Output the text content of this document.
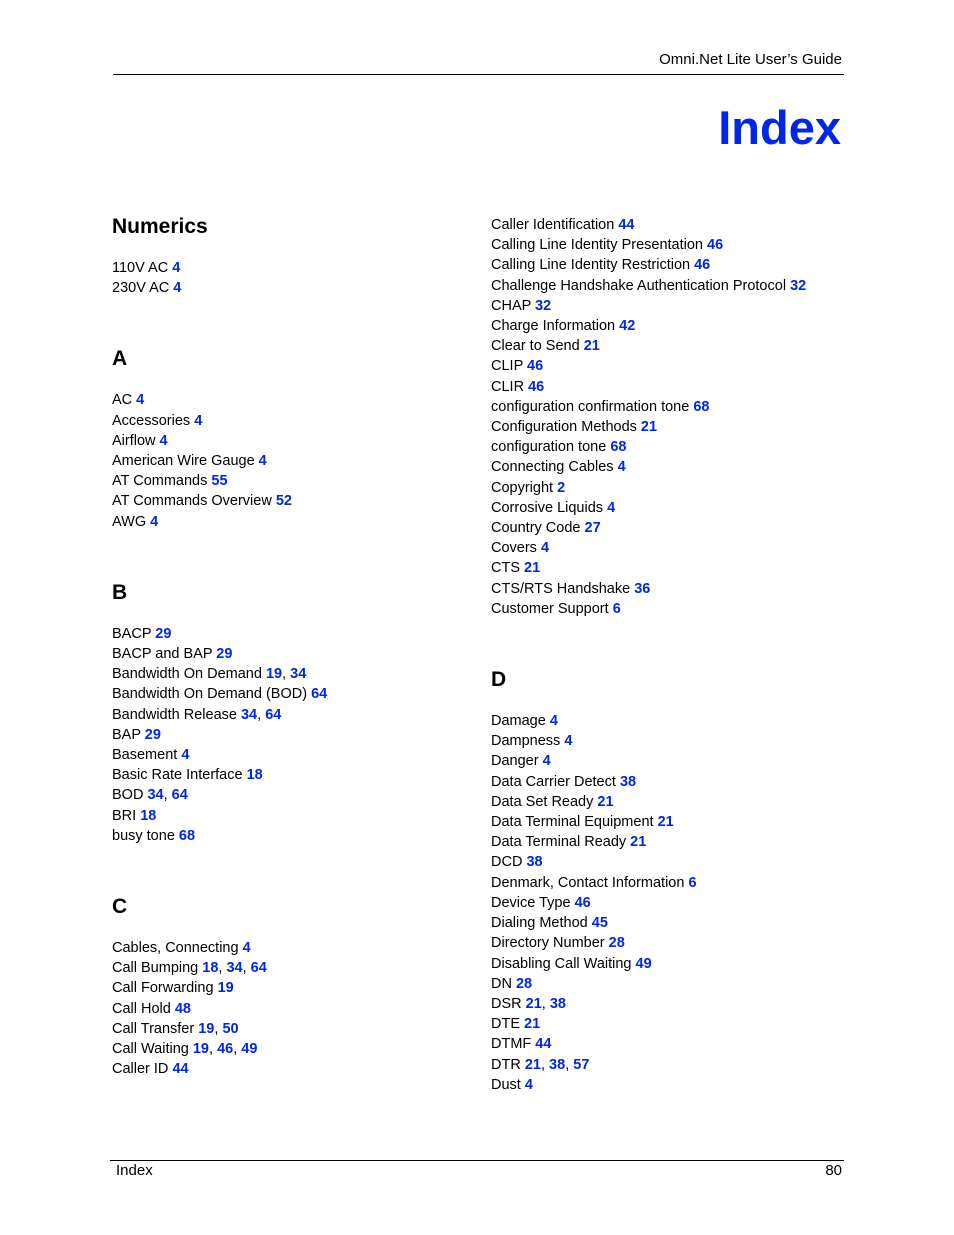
Omni.Net Lite User’s Guide
Index
Numerics
110V AC 4
230V AC 4
A
AC 4
Accessories 4
Airflow 4
American Wire Gauge 4
AT Commands 55
AT Commands Overview 52
AWG 4
B
BACP 29
BACP and BAP 29
Bandwidth On Demand 19, 34
Bandwidth On Demand (BOD) 64
Bandwidth Release 34, 64
BAP 29
Basement 4
Basic Rate Interface 18
BOD 34, 64
BRI 18
busy tone 68
C
Cables, Connecting 4
Call Bumping 18, 34, 64
Call Forwarding 19
Call Hold 48
Call Transfer 19, 50
Call Waiting 19, 46, 49
Caller ID 44
Caller Identification 44
Calling Line Identity Presentation 46
Calling Line Identity Restriction 46
Challenge Handshake Authentication Protocol 32
CHAP 32
Charge Information 42
Clear to Send 21
CLIP 46
CLIR 46
configuration confirmation tone 68
Configuration Methods 21
configuration tone 68
Connecting Cables 4
Copyright 2
Corrosive Liquids 4
Country Code 27
Covers 4
CTS 21
CTS/RTS Handshake 36
Customer Support 6
D
Damage 4
Dampness 4
Danger 4
Data Carrier Detect 38
Data Set Ready 21
Data Terminal Equipment 21
Data Terminal Ready 21
DCD 38
Denmark, Contact Information 6
Device Type 46
Dialing Method 45
Directory Number 28
Disabling Call Waiting 49
DN 28
DSR 21, 38
DTE 21
DTMF 44
DTR 21, 38, 57
Dust 4
Index	80
